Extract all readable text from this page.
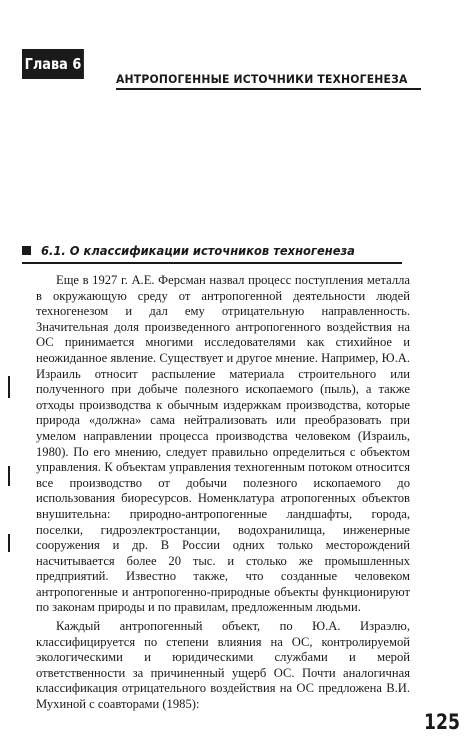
Глава 6
АНТРОПОГЕННЫЕ ИСТОЧНИКИ ТЕХНОГЕНЕЗА
6.1. О классификации источников техногенеза

Еще в 1927 г. А.Е. Ферсман назвал процесс поступления металла в окружающую среду от антропогенной деятельности людей техногенезом и дал ему отрицательную направленность. Значительная доля произведенного антропогенного воздействия на ОС принимается многими исследователями как стихийное и неожиданное явление. Существует и другое мнение. Например, Ю.А. Израиль относит распыление материала строительного или полученного при добыче полезного ископаемого (пыль), а также отходы производства к обычным издержкам производства, которые природа «должна» сама нейтрализовать или преобразовать при умелом направлении процесса производства человеком (Израиль, 1980). По его мнению, следует правильно определиться с объектом управления. К объектам управления техногенным потоком относится все производство от добычи полезного ископаемого до использования биоресурсов. Номенклатура атропогенных объектов внушительна: природно-антропогенные ландшафты, города, поселки, гидроэлектростанции, водохранилища, инженерные сооружения и др. В России одних только месторождений насчитывается более 20 тыс. и столько же промышленных предприятий. Известно также, что созданные человеком антропогенные и антропогенно-природные объекты функционируют по законам природы и по правилам, предложенным людьми.

Каждый антропогенный объект, по Ю.А. Израэлю, классифицируется по степени влияния на ОС, контролируемой экологическими и юридическими службами и мерой ответственности за причиненный ущерб ОС. Почти аналогичная классификация отрицательного воздействия на ОС предложена В.И. Мухиной с соавторами (1985):

125
